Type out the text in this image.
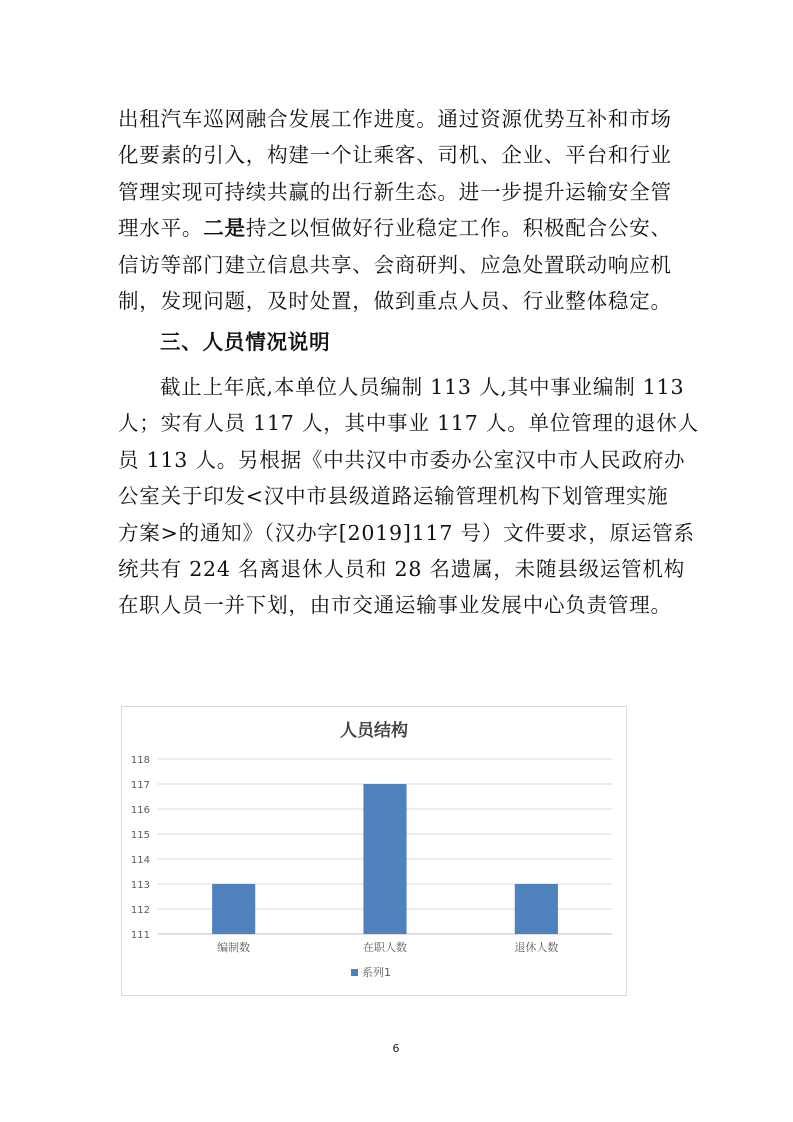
出租汽车巡网融合发展工作进度。通过资源优势互补和市场
化要素的引入，构建一个让乘客、司机、企业、平台和行业
管理实现可持续共赢的出行新生态。进一步提升运输安全管
理水平。二是持之以恒做好行业稳定工作。积极配合公安、
信访等部门建立信息共享、会商研判、应急处置联动响应机
制，发现问题，及时处置，做到重点人员、行业整体稳定。
三、人员情况说明
截止上年底,本单位人员编制 113 人,其中事业编制 113
人；实有人员 117 人，其中事业 117 人。单位管理的退休人
员 113 人。另根据《中共汉中市委办公室汉中市人民政府办
公室关于印发<汉中市县级道路运输管理机构下划管理实施
方案>的通知》（汉办字[2019]117 号）文件要求，原运管系
统共有 224 名离退休人员和 28 名遗属，未随县级运管机构
在职人员一并下划，由市交通运输事业发展中心负责管理。
人员结构
111
112
113
114
115
116
117
118
编制数	在职人数	退休人数
系列1
6
